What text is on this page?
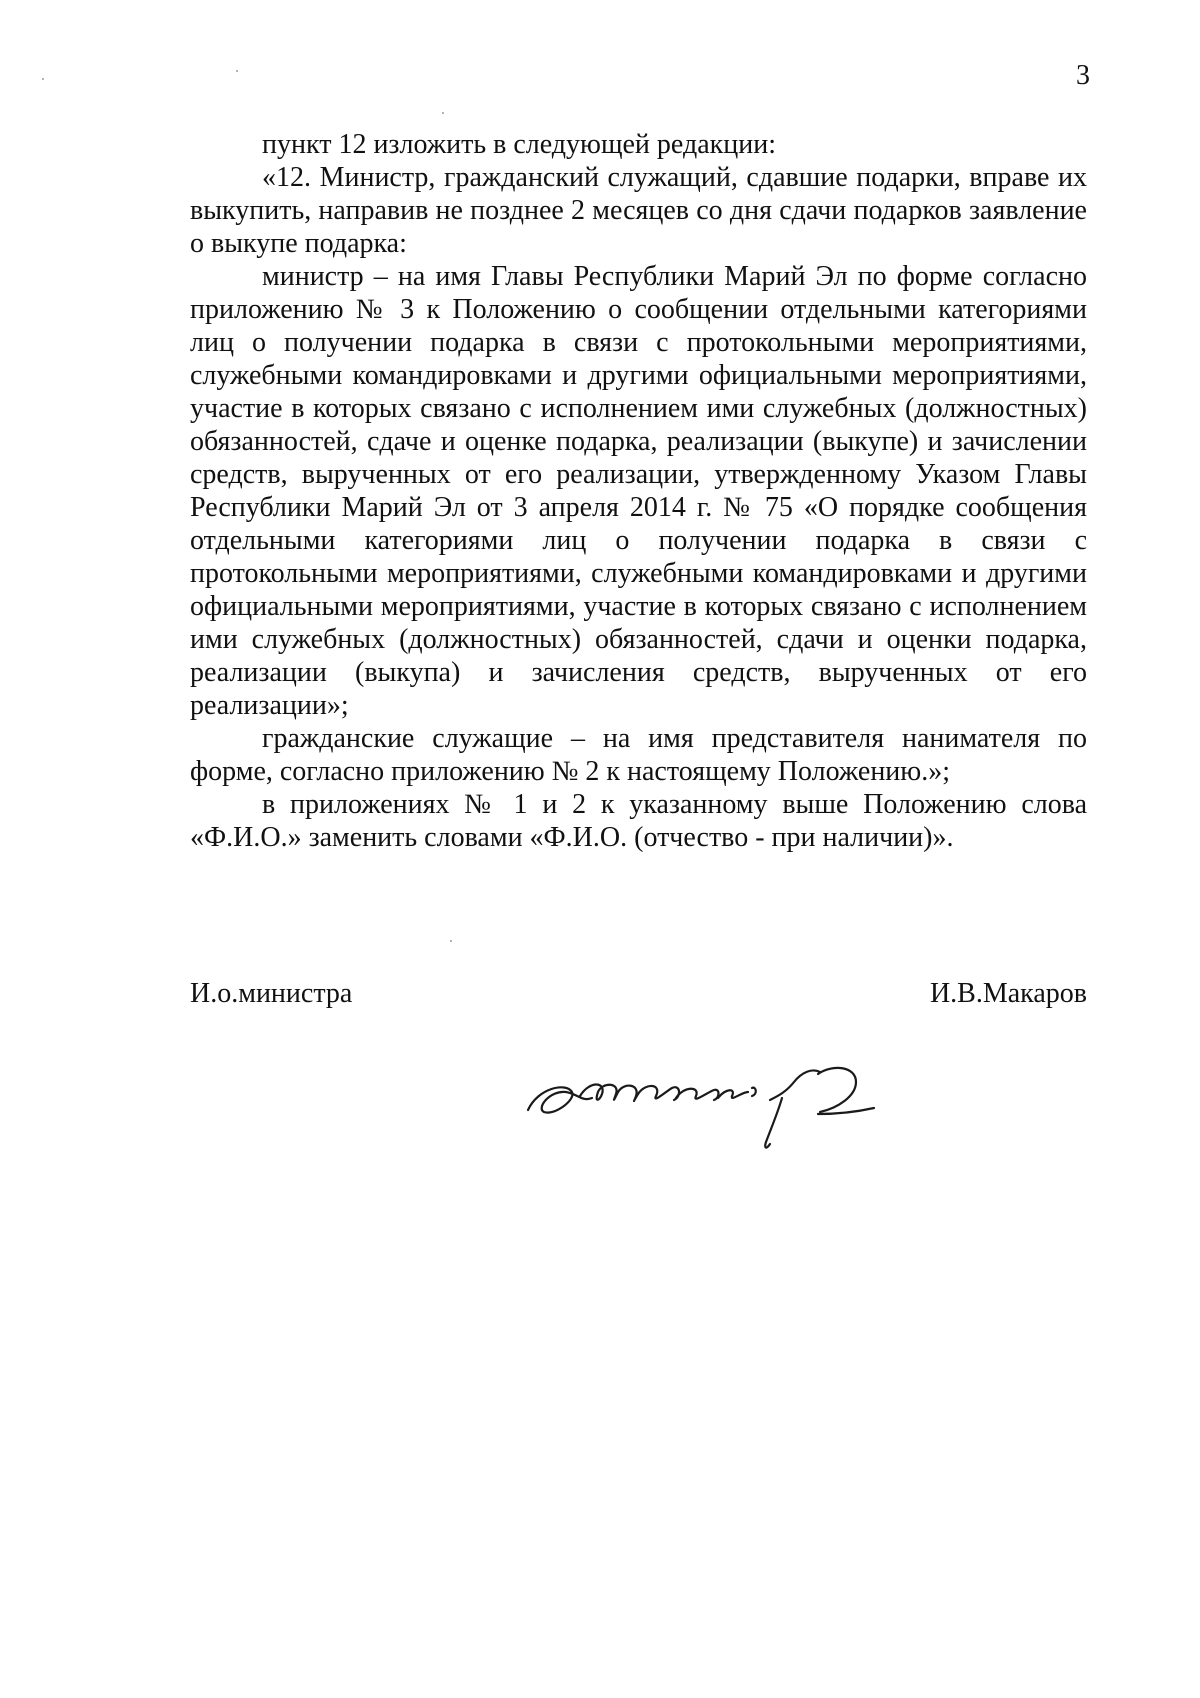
3

пункт 12 изложить в следующей редакции:

«12. Министр, гражданский служащий, сдавшие подарки, вправе их выкупить, направив не позднее 2 месяцев со дня сдачи подарков заявление о выкупе подарка:

министр – на имя Главы Республики Марий Эл по форме согласно приложению № 3 к Положению о сообщении отдельными категориями лиц о получении подарка в связи с протокольными мероприятиями, служебными командировками и другими официальными мероприятиями, участие в которых связано с исполнением ими служебных (должностных) обязанностей, сдаче и оценке подарка, реализации (выкупе) и зачислении средств, вырученных от его реализации, утвержденному Указом Главы Республики Марий Эл от 3 апреля 2014 г. № 75 «О порядке сообщения отдельными категориями лиц о получении подарка в связи с протокольными мероприятиями, служебными командировками и другими официальными мероприятиями, участие в которых связано с исполнением ими служебных (должностных) обязанностей, сдачи и оценки подарка, реализации (выкупа) и зачисления средств, вырученных от его реализации»;

гражданские служащие – на имя представителя нанимателя по форме, согласно приложению № 2 к настоящему Положению.»;

в приложениях № 1 и 2 к указанному выше Положению слова «Ф.И.О.» заменить словами «Ф.И.О. (отчество - при наличии)».

И.о.министра	И.В.Макаров
